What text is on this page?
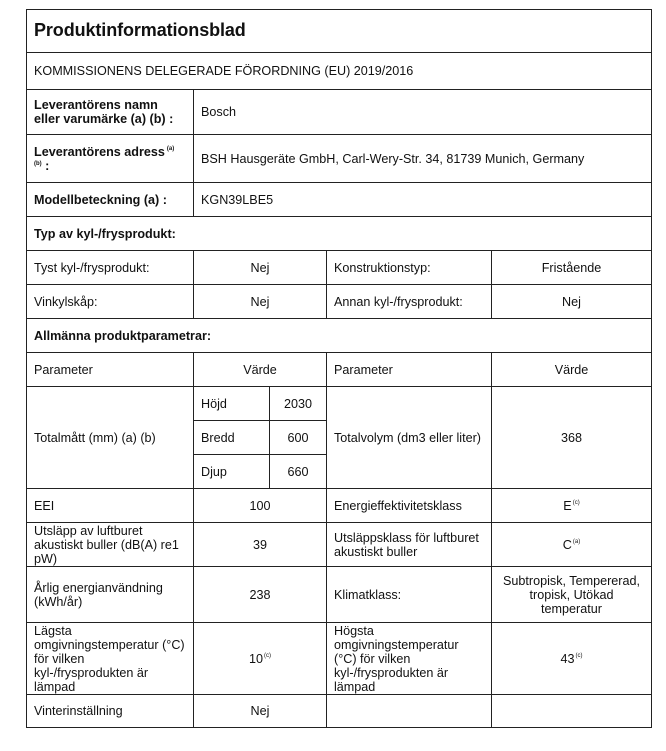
Produktinformationsblad				
KOMMISSIONENS DELEGERADE FÖRORDNING (EU) 2019/2016				
Leverantörens namn eller varumärke (a) (b) :	Bosch			
Leverantörens adress $^{(a)}$
$^{(b)}$ :	BSH Hausgeräte GmbH, Carl-Wery-Str. 34, 81739 Munich, Germany			
Modellbeteckning (a) :	KGN39LBE5			
Typ av kyl-/frysprodukt:				
Tyst kyl-/frysprodukt:	Nej		Konstruktionstyp:	Fristående
Vinkylskåp:	Nej		Annan kyl-/frysprodukt:	Nej
Allmänna produktparametrar:				
Parameter	Värde		Parameter	Värde
Totalmått (mm) (a) (b)	Höjd	2030	Totalvolym (dm3 eller liter)	368
	Bredd	600		
	Djup	660		
EEI	100		Energieffektivitetsklass	E$^{(c)}$
Utsläpp av luftburet akustiskt buller (dB(A) re1 pW)	39		Utsläppsklass för luftburet akustiskt buller	C$^{(a)}$
Årlig energianvändning (kWh/år)	238		Klimatklass:	Subtropisk, Tempererad, tropisk, Utökad temperatur
Lägsta omgivningstemperatur (°C) för vilken kyl-/frysprodukten är lämpad	10$^{(c)}$		Högsta omgivningstemperatur (°C) för vilken kyl-/frysprodukten är lämpad	43$^{(c)}$
Vinterinställning	Nej			
